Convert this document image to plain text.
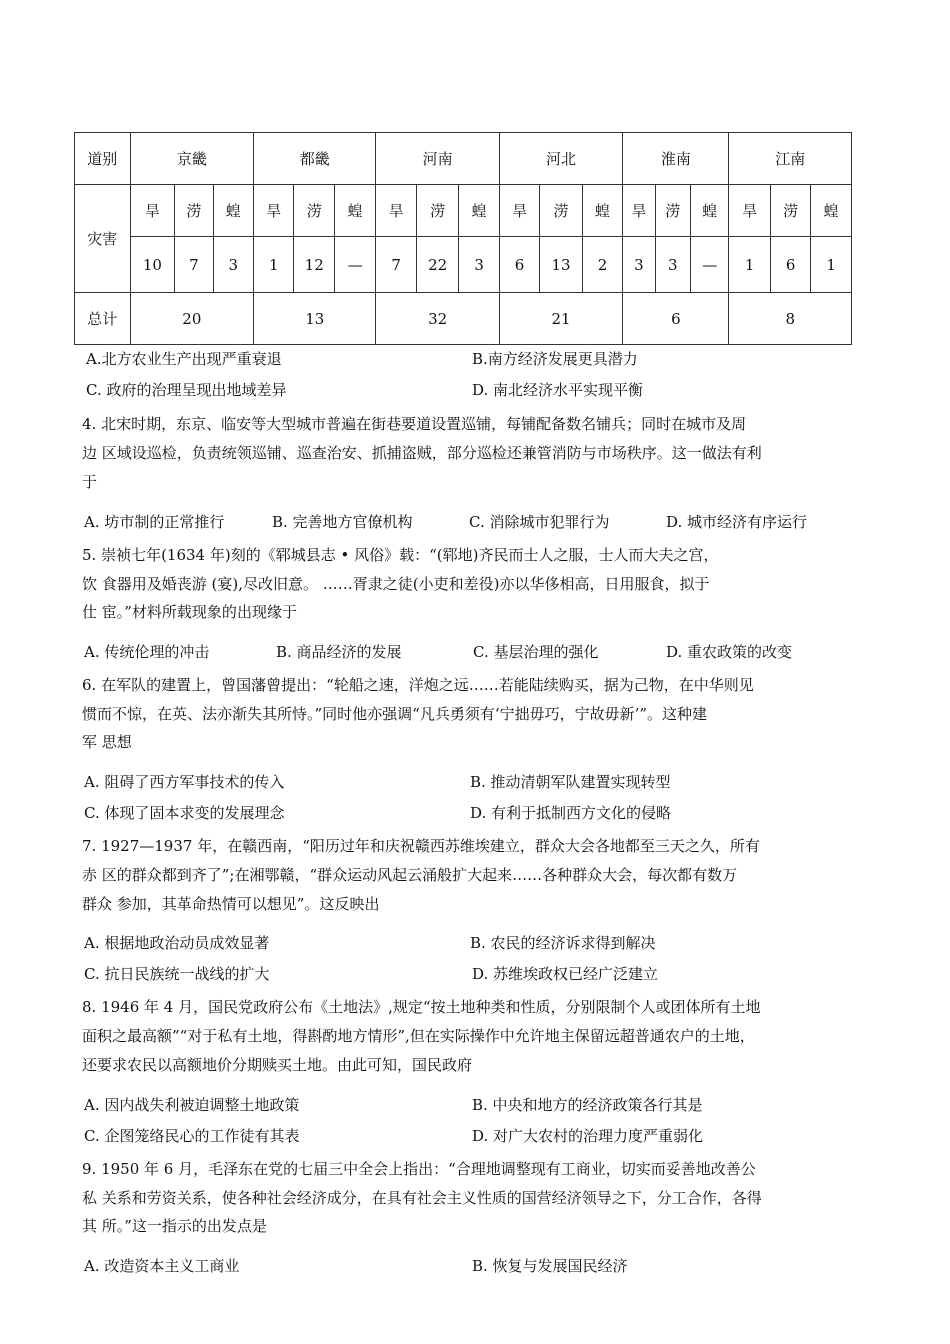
道别	京畿			都畿			河南			河北			淮南			江南		
灾害	旱	涝	蝗	旱	涝	蝗	旱	涝	蝗	旱	涝	蝗	旱	涝	蝗	旱	涝	蝗
	10	7	3	1	12	—	7	22	3	6	13	2	3	3	—	1	6	1
总计	20			13			32			21			6			8		
A.北方农业生产出现严重衰退	B.南方经济发展更具潜力
C. 政府的治理呈现出地域差异	D. 南北经济水平实现平衡
4. 北宋时期，东京、临安等大型城市普遍在街巷要道设置巡铺，每铺配备数名铺兵；同时在城市及周
边 区域设巡检，负责统领巡铺、巡查治安、抓捕盗贼，部分巡检还兼管消防与市场秩序。这一做法有利
于
A. 坊市制的正常推行	B. 完善地方官僚机构	C. 消除城市犯罪行为	D. 城市经济有序运行
5. 崇祯七年(1634 年)刻的《郓城县志 • 风俗》载：“(郓地)齐民而士人之服，士人而大夫之宫，
饮 食器用及婚丧游 (宴),尽改旧意。 ……胥隶之徒(小吏和差役)亦以华侈相高，日用服食，拟于
仕 宦。”材料所载现象的出现缘于
A. 传统伦理的冲击	B. 商品经济的发展	C. 基层治理的强化	D. 重农政策的改变
6. 在军队的建置上，曾国藩曾提出：“轮船之速，洋炮之远……若能陆续购买，据为己物，在中华则见
惯而不惊，在英、法亦渐失其所恃。”同时他亦强调“凡兵勇须有‘宁拙毋巧，宁故毋新’”。这种建
军 思想
A. 阻碍了西方军事技术的传入	B. 推动清朝军队建置实现转型
C. 体现了固本求变的发展理念	D. 有利于抵制西方文化的侵略
7. 1927—1937 年，在赣西南，“阳历过年和庆祝赣西苏维埃建立，群众大会各地都至三天之久，所有
赤 区的群众都到齐了”;在湘鄂赣，“群众运动风起云涌般扩大起来……各种群众大会，每次都有数万
群众 参加，其革命热情可以想见”。这反映出
A. 根据地政治动员成效显著	B. 农民的经济诉求得到解决
C. 抗日民族统一战线的扩大	D. 苏维埃政权已经广泛建立
8. 1946 年 4 月，国民党政府公布《土地法》,规定“按土地种类和性质，分别限制个人或团体所有土地
面积之最高额”“对于私有土地，得斟酌地方情形”,但在实际操作中允许地主保留远超普通农户的土地，
还要求农民以高额地价分期赎买土地。由此可知，国民政府
A. 因内战失利被迫调整土地政策	B. 中央和地方的经济政策各行其是
C. 企图笼络民心的工作徒有其表	D. 对广大农村的治理力度严重弱化
9. 1950 年 6 月，毛泽东在党的七届三中全会上指出：“合理地调整现有工商业，切实而妥善地改善公
私 关系和劳资关系，使各种社会经济成分，在具有社会主义性质的国营经济领导之下，分工合作，各得
其 所。”这一指示的出发点是
A. 改造资本主义工商业	B. 恢复与发展国民经济
